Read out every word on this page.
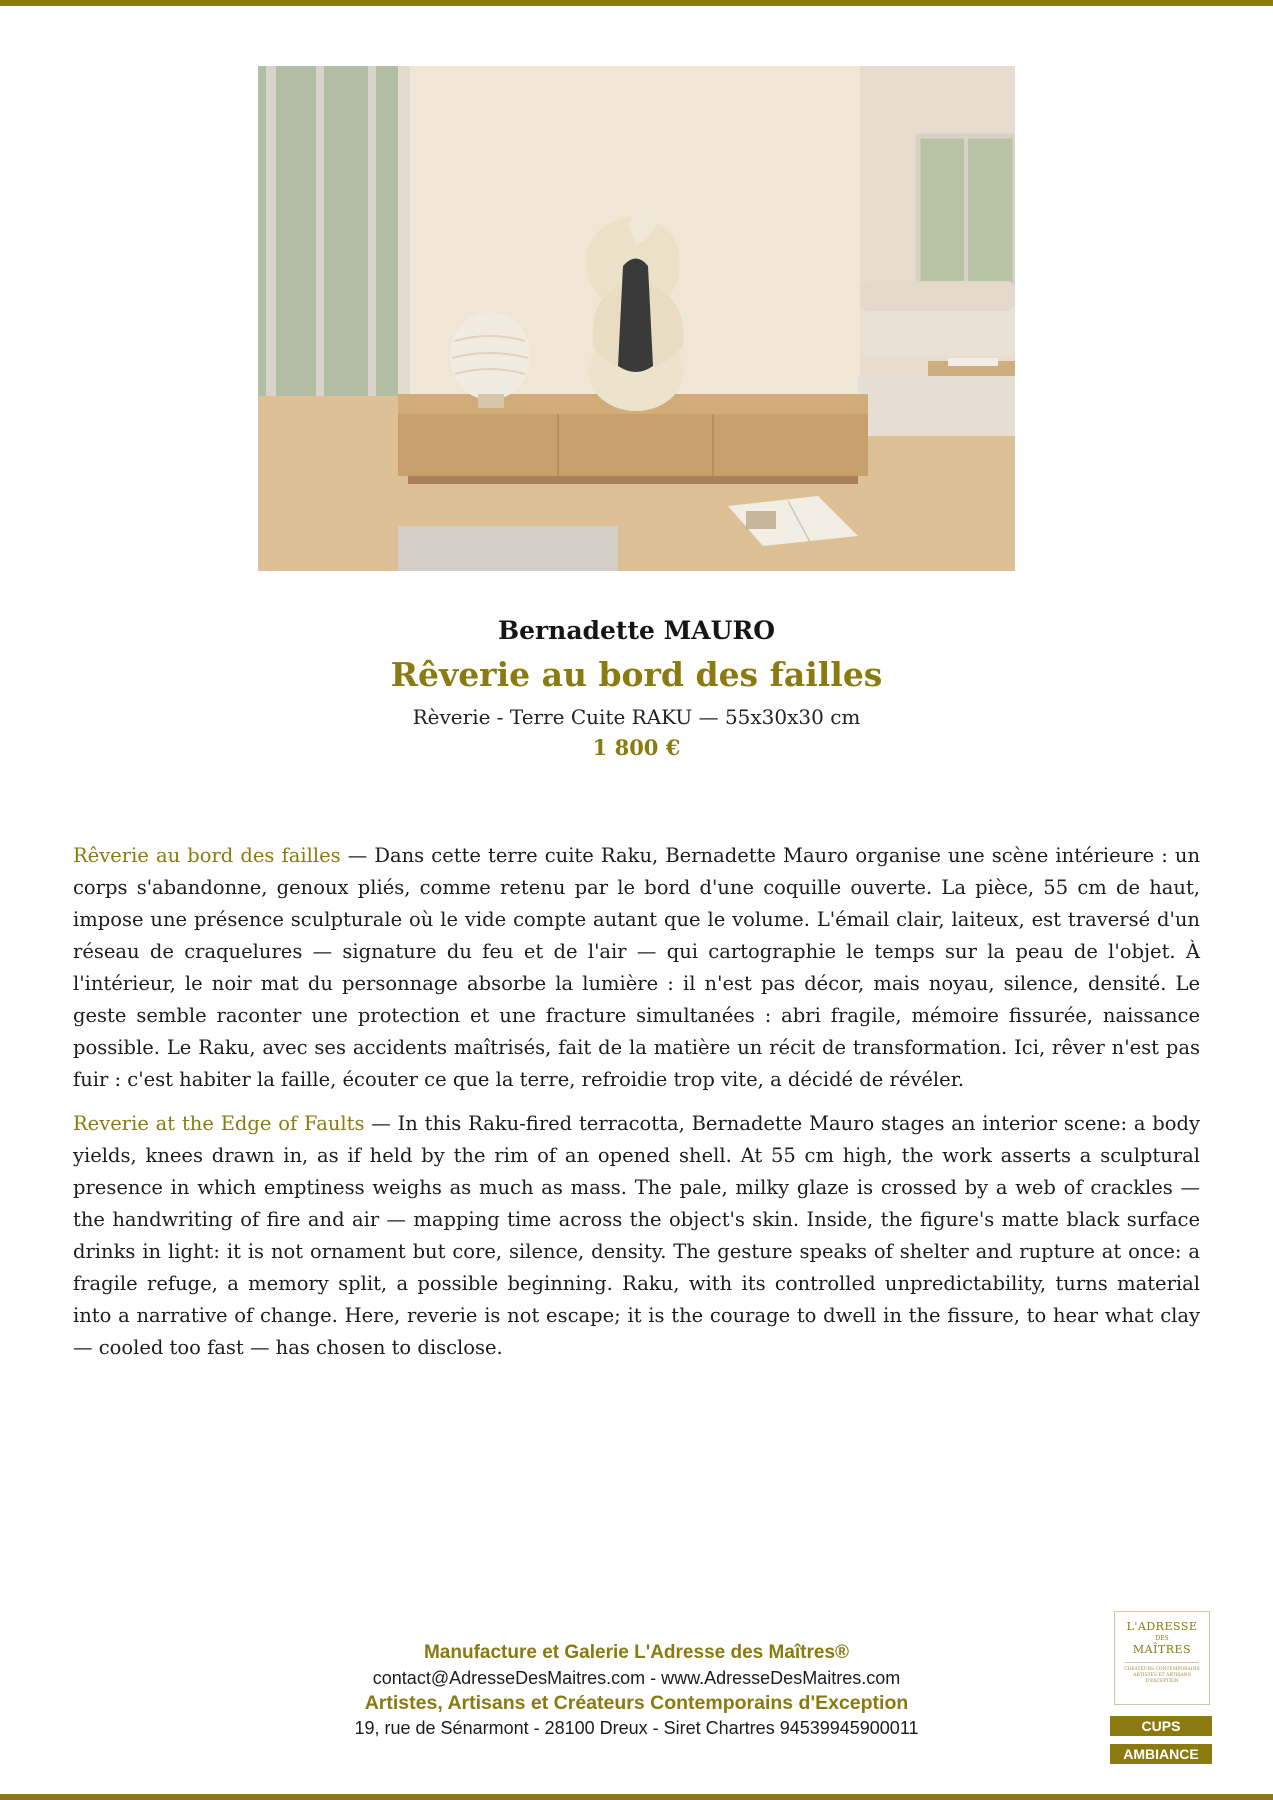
Bernadette MAURO
Rêverie au bord des failles
Rèverie - Terre Cuite RAKU — 55x30x30 cm
1 800 €

Rêverie au bord des failles — Dans cette terre cuite Raku, Bernadette Mauro organise une scène intérieure : un corps s'abandonne, genoux pliés, comme retenu par le bord d'une coquille ouverte. La pièce, 55 cm de haut, impose une présence sculpturale où le vide compte autant que le volume. L'émail clair, laiteux, est traversé d'un réseau de craquelures — signature du feu et de l'air — qui cartographie le temps sur la peau de l'objet. À l'intérieur, le noir mat du personnage absorbe la lumière : il n'est pas décor, mais noyau, silence, densité. Le geste semble raconter une protection et une fracture simultanées : abri fragile, mémoire fissurée, naissance possible. Le Raku, avec ses accidents maîtrisés, fait de la matière un récit de transformation. Ici, rêver n'est pas fuir : c'est habiter la faille, écouter ce que la terre, refroidie trop vite, a décidé de révéler.

Reverie at the Edge of Faults — In this Raku-fired terracotta, Bernadette Mauro stages an interior scene: a body yields, knees drawn in, as if held by the rim of an opened shell. At 55 cm high, the work asserts a sculptural presence in which emptiness weighs as much as mass. The pale, milky glaze is crossed by a web of crackles — the handwriting of fire and air — mapping time across the object's skin. Inside, the figure's matte black surface drinks in light: it is not ornament but core, silence, density. The gesture speaks of shelter and rupture at once: a fragile refuge, a memory split, a possible beginning. Raku, with its controlled unpredictability, turns material into a narrative of change. Here, reverie is not escape; it is the courage to dwell in the fissure, to hear what clay — cooled too fast — has chosen to disclose.

Manufacture et Galerie L'Adresse des Maîtres®
contact@AdresseDesMaitres.com - www.AdresseDesMaitres.com
Artistes, Artisans et Créateurs Contemporains d'Exception
19, rue de Sénarmont - 28100 Dreux - Siret Chartres 94539945900011
L'ADRESSE
DES
MAÎTRES
CRÉATEURS CONTEMPORAINS ARTISTES ET ARTISANS D'EXCEPTION
CUPS
AMBIANCE
